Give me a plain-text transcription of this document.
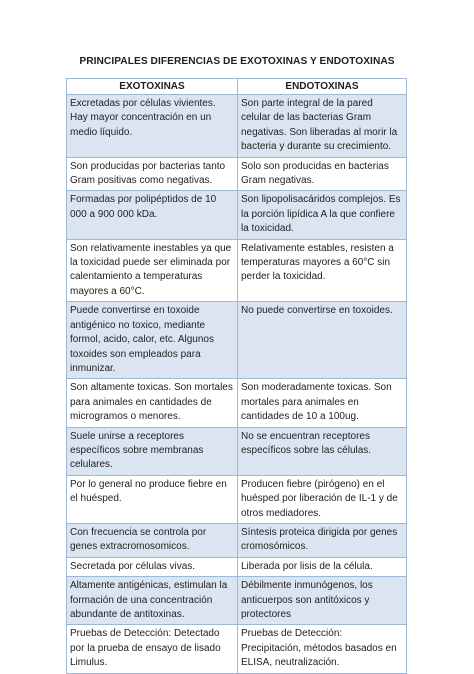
PRINCIPALES DIFERENCIAS DE EXOTOXINAS Y ENDOTOXINAS
EXOTOXINAS	ENDOTOXINAS
Excretadas por células vivientes. Hay mayor concentración en un medio líquido.	Son parte integral de la pared celular de las bacterias Gram negativas. Son liberadas al morir la bacteria y durante su crecimiento.
Son producidas por bacterias tanto Gram positivas como negativas.	Solo son producidas en bacterias Gram negativas.
Formadas por polipéptidos de 10 000 a 900 000 kDa.	Son lipopolisacáridos complejos. Es la porción lipídica A la que confiere la toxicidad.
Son relativamente inestables ya que la toxicidad puede ser eliminada por calentamiento a temperaturas mayores a 60°C.	Relativamente estables, resisten a temperaturas mayores a 60°C sin perder la toxicidad.
Puede convertirse en toxoide antigénico no toxico, mediante formol, acido, calor, etc. Algunos toxoides son empleados para inmunizar.	No puede convertirse en toxoides.
Son altamente toxicas. Son mortales para animales en cantidades de microgramos o menores.	Son moderadamente toxicas. Son mortales para animales en cantidades de 10 a 100ug.
Suele unirse a receptores específicos sobre membranas celulares.	No se encuentran receptores específicos sobre las células.
Por lo general no produce fiebre en el huésped.	Producen fiebre (pirógeno) en el huésped por liberación de IL-1 y de otros mediadores.
Con frecuencia se controla por genes extracromosomicos.	Síntesis proteica dirigida por genes cromosómicos.
Secretada por células vivas.	Liberada por lisis de la célula.
Altamente antigénicas, estimulan la formación de una concentración abundante de antitoxinas.	Débilmente inmunógenos, los anticuerpos son antitóxicos y protectores
Pruebas de Detección: Detectado por la prueba de ensayo de lisado Limulus.	Pruebas de Detección: Precipitación, métodos basados en ELISA, neutralización.
